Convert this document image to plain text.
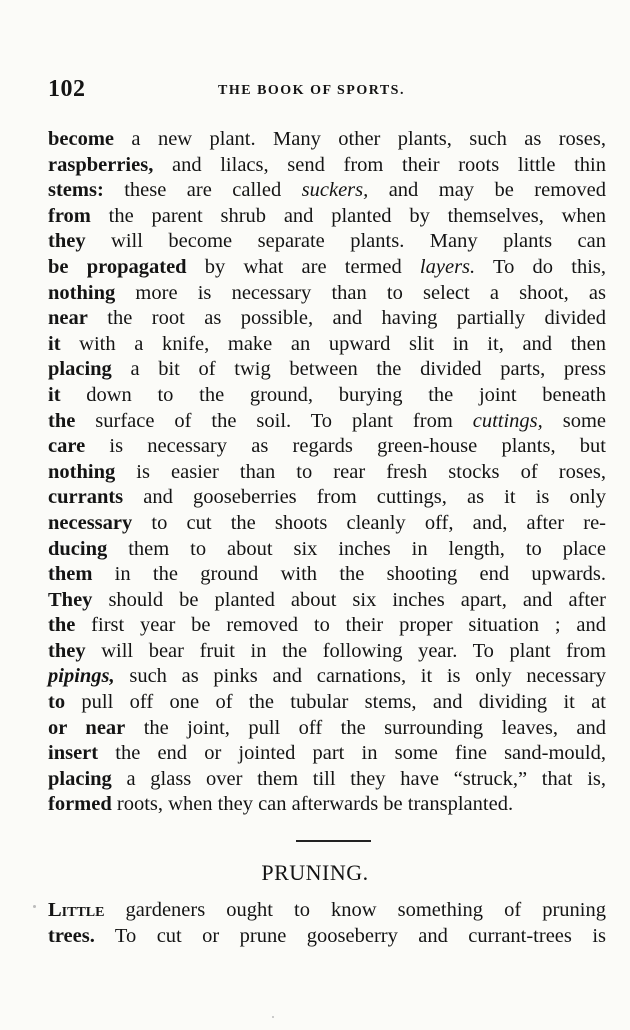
102	THE BOOK OF SPORTS.
become a new plant. Many other plants, such as roses,
raspberries, and lilacs, send from their roots little thin
stems: these are called suckers, and may be removed
from the parent shrub and planted by themselves, when
they will become separate plants. Many plants can
be propagated by what are termed layers. To do this,
nothing more is necessary than to select a shoot, as
near the root as possible, and having partially divided
it with a knife, make an upward slit in it, and then
placing a bit of twig between the divided parts, press
it down to the ground, burying the joint beneath
the surface of the soil. To plant from cuttings, some
care is necessary as regards green-house plants, but
nothing is easier than to rear fresh stocks of roses,
currants and gooseberries from cuttings, as it is only
necessary to cut the shoots cleanly off, and, after re-
ducing them to about six inches in length, to place
them in the ground with the shooting end upwards.
They should be planted about six inches apart, and after
the first year be removed to their proper situation ; and
they will bear fruit in the following year. To plant from
pipings, such as pinks and carnations, it is only necessary
to pull off one of the tubular stems, and dividing it at
or near the joint, pull off the surrounding leaves, and
insert the end or jointed part in some fine sand-mould,
placing a glass over them till they have “struck,” that is,
formed roots, when they can afterwards be transplanted.
PRUNING.
Little gardeners ought to know something of pruning
trees. To cut or prune gooseberry and currant-trees is
